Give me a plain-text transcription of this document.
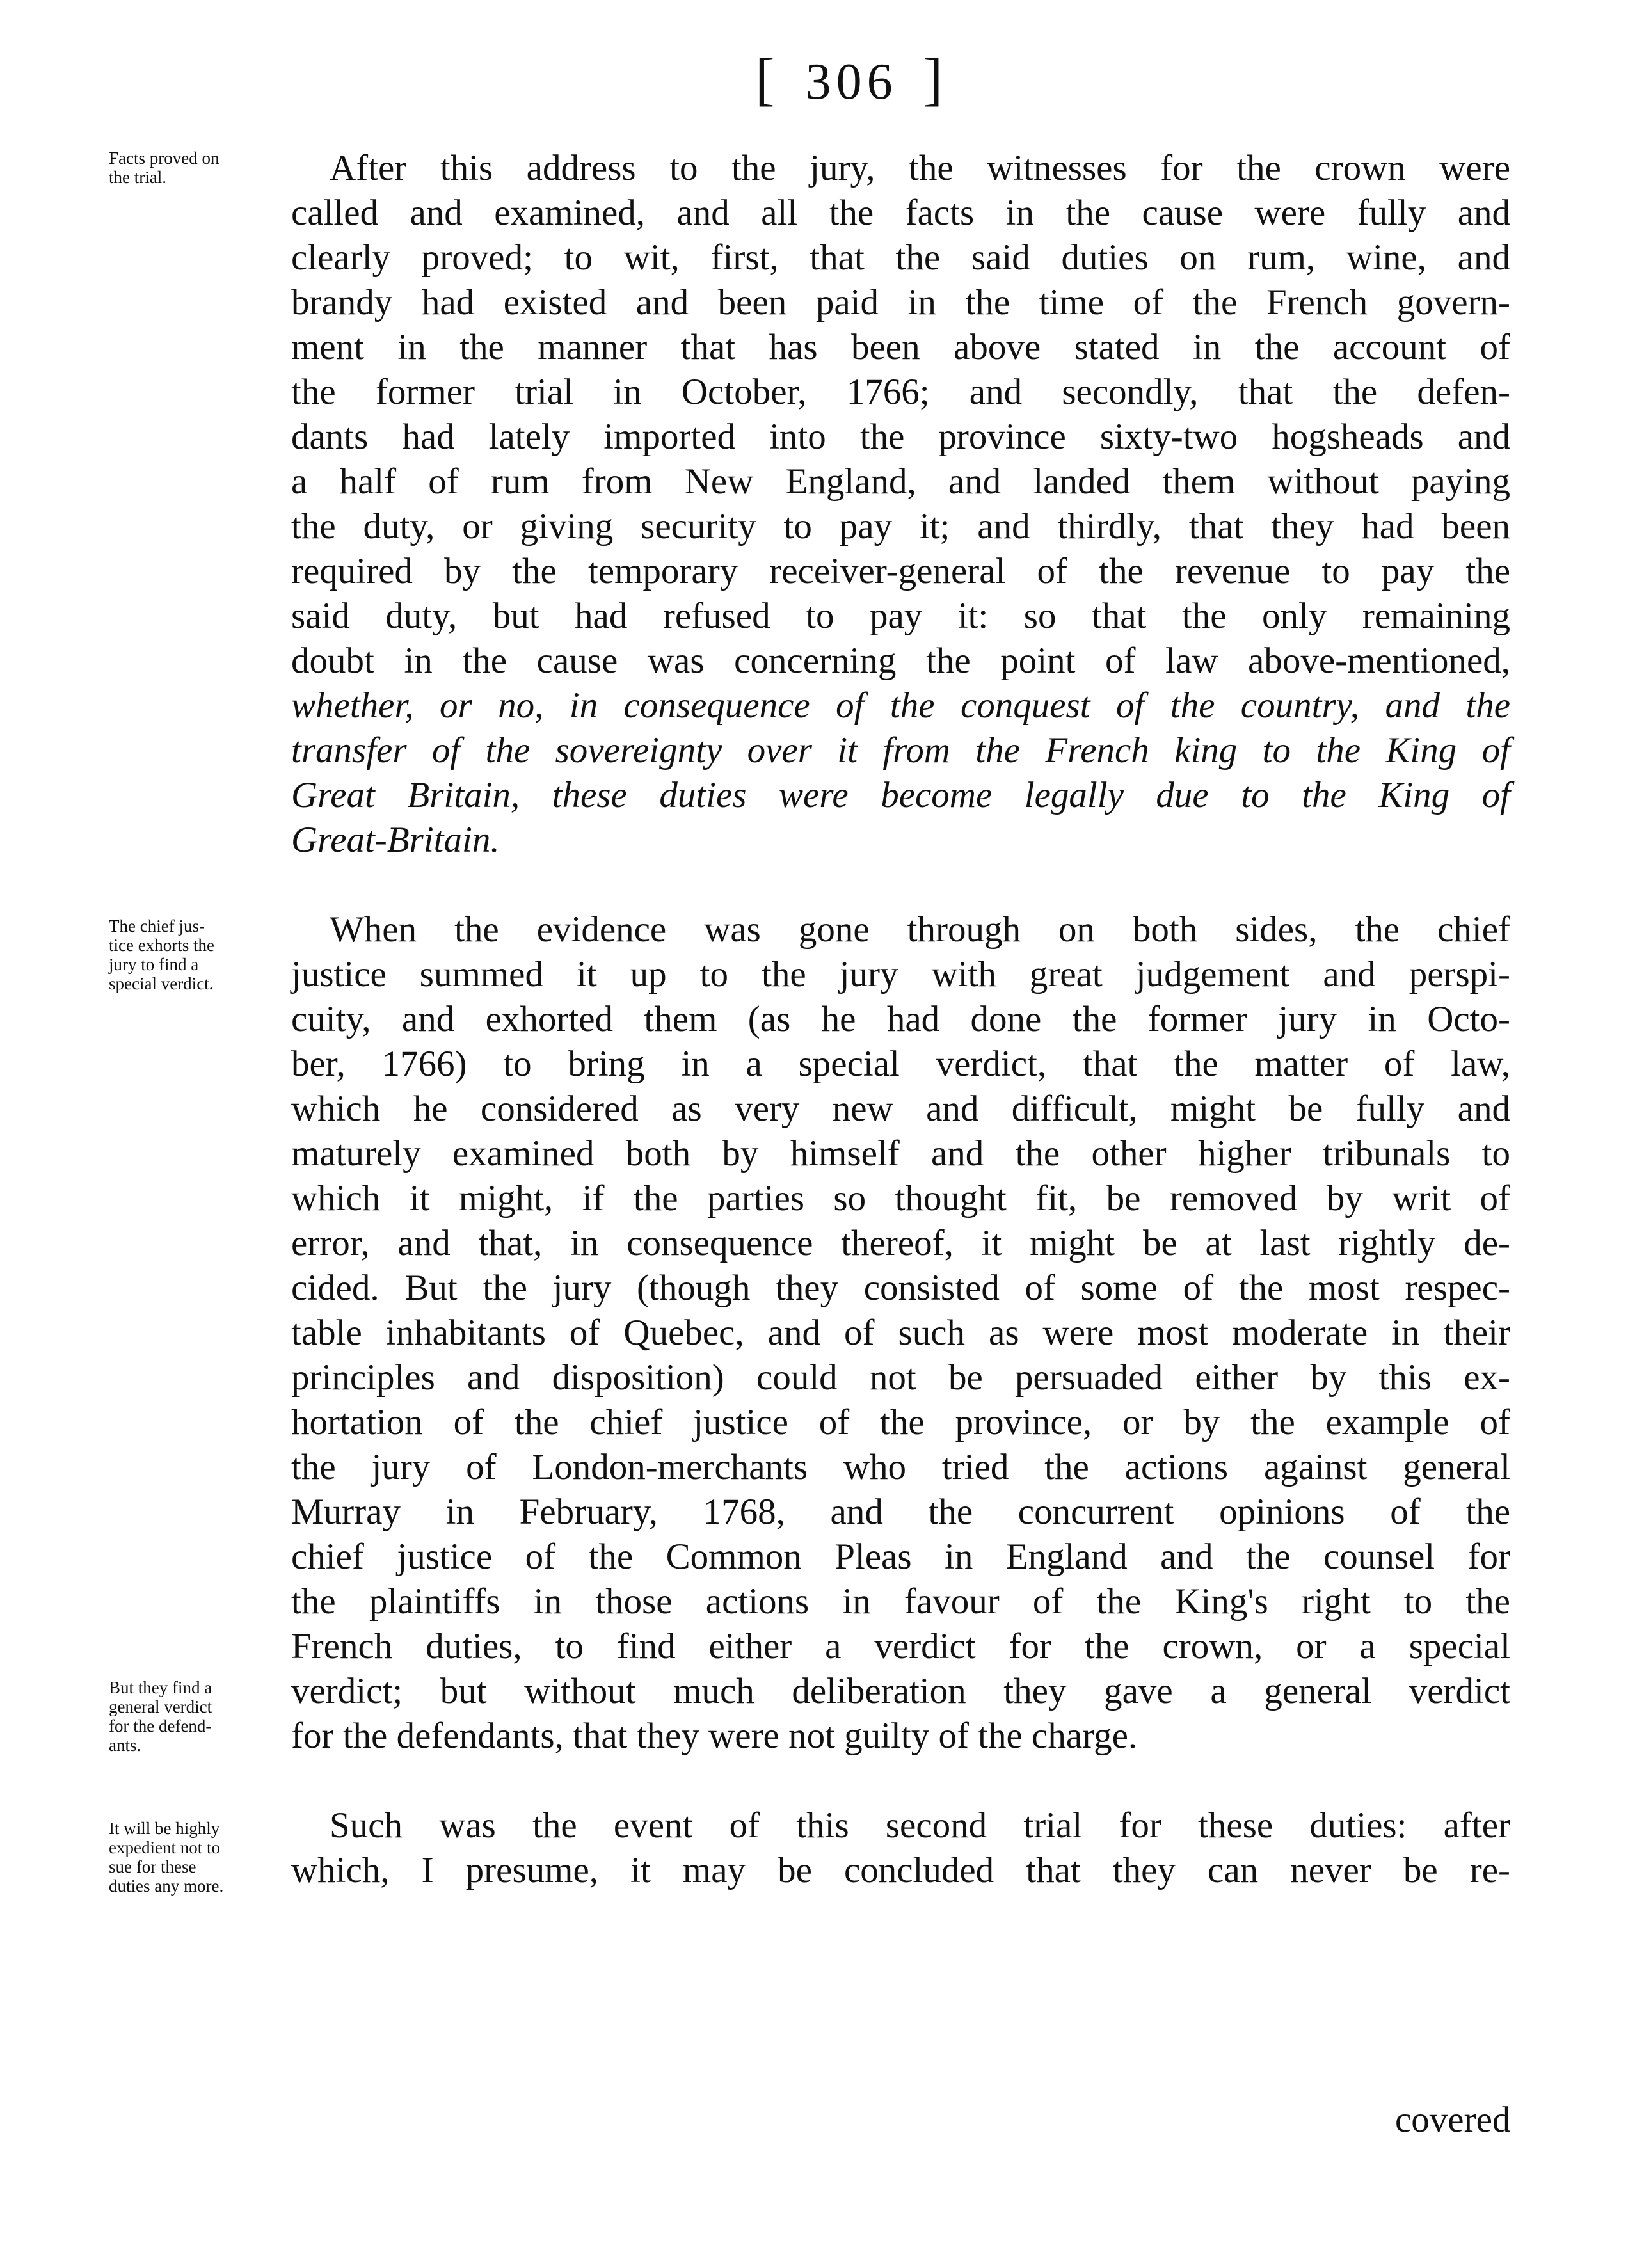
[ 306 ]
Facts proved on
the trial.
The chief jus-
tice exhorts the
jury to find a
special verdict.
But they find a
general verdict
for the defend-
ants.
It will be highly
expedient not to
sue for these
duties any more.
After this address to the jury, the witnesses for the crown were
called and examined, and all the facts in the cause were fully and
clearly proved; to wit, first, that the said duties on rum, wine, and
brandy had existed and been paid in the time of the French govern-
ment in the manner that has been above stated in the account of
the former trial in October, 1766; and secondly, that the defen-
dants had lately imported into the province sixty-two hogsheads and
a half of rum from New England, and landed them without paying
the duty, or giving security to pay it; and thirdly, that they had been
required by the temporary receiver-general of the revenue to pay the
said duty, but had refused to pay it: so that the only remaining
doubt in the cause was concerning the point of law above-mentioned,
whether, or no, in consequence of the conquest of the country, and the
transfer of the sovereignty over it from the French king to the King of
Great Britain, these duties were become legally due to the King of
Great-Britain.
When the evidence was gone through on both sides, the chief
justice summed it up to the jury with great judgement and perspi-
cuity, and exhorted them (as he had done the former jury in Octo-
ber, 1766) to bring in a special verdict, that the matter of law,
which he considered as very new and difficult, might be fully and
maturely examined both by himself and the other higher tribunals to
which it might, if the parties so thought fit, be removed by writ of
error, and that, in consequence thereof, it might be at last rightly de-
cided. But the jury (though they consisted of some of the most respec-
table inhabitants of Quebec, and of such as were most moderate in their
principles and disposition) could not be persuaded either by this ex-
hortation of the chief justice of the province, or by the example of
the jury of London-merchants who tried the actions against general
Murray in February, 1768, and the concurrent opinions of the
chief justice of the Common Pleas in England and the counsel for
the plaintiffs in those actions in favour of the King's right to the
French duties, to find either a verdict for the crown, or a special
verdict; but without much deliberation they gave a general verdict
for the defendants, that they were not guilty of the charge.
Such was the event of this second trial for these duties: after
which, I presume, it may be concluded that they can never be re-
covered
